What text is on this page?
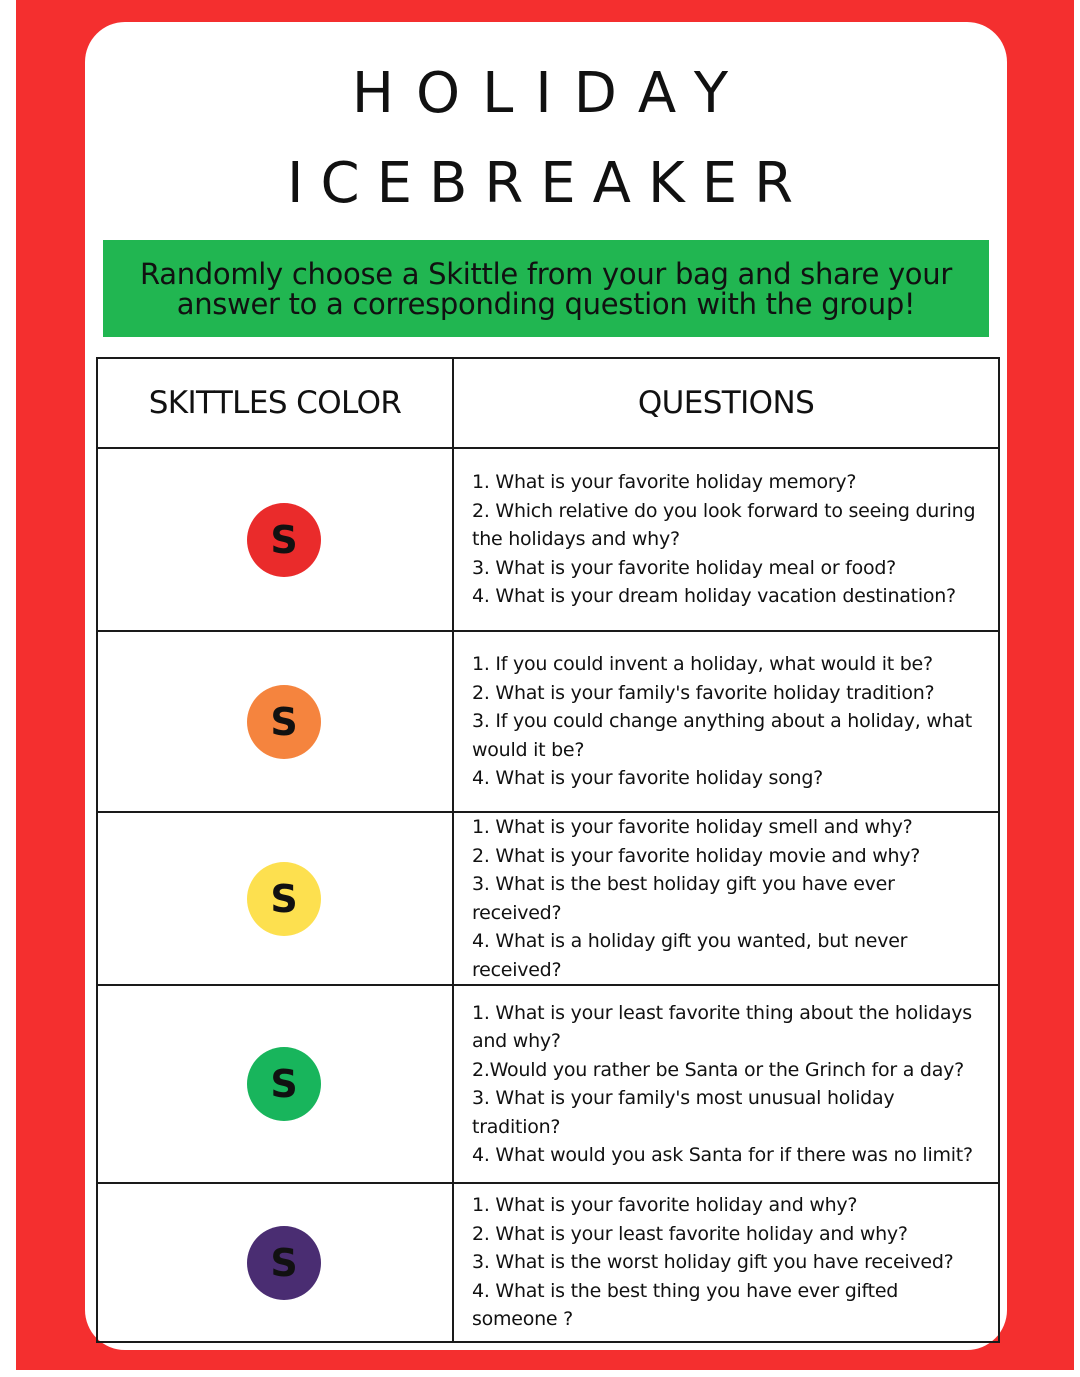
HOLIDAY
ICEBREAKER

Randomly choose a Skittle from your bag and share your answer to a corresponding question with the group!

SKITTLES COLOR	QUESTIONS
S	1. What is your favorite holiday memory?
2. Which relative do you look forward to seeing during the holidays and why?
3. What is your favorite holiday meal or food?
4. What is your dream holiday vacation destination?

S	1. If you could invent a holiday, what would it be?
2. What is your family's favorite holiday tradition?
3. If you could change anything about a holiday, what would it be?
4. What is your favorite holiday song?

S	1. What is your favorite holiday smell and why?
2. What is your favorite holiday movie and why?
3. What is the best holiday gift you have ever received?
4. What is a holiday gift you wanted, but never received?

S	1. What is your least favorite thing about the holidays and why?
2.Would you rather be Santa or the Grinch for a day?
3. What is your family's most unusual holiday tradition?
4. What would you ask Santa for if there was no limit?

S	1. What is your favorite holiday and why?
2. What is your least favorite holiday and why?
3. What is the worst holiday gift you have received?
4. What is the best thing you have ever gifted someone ?
